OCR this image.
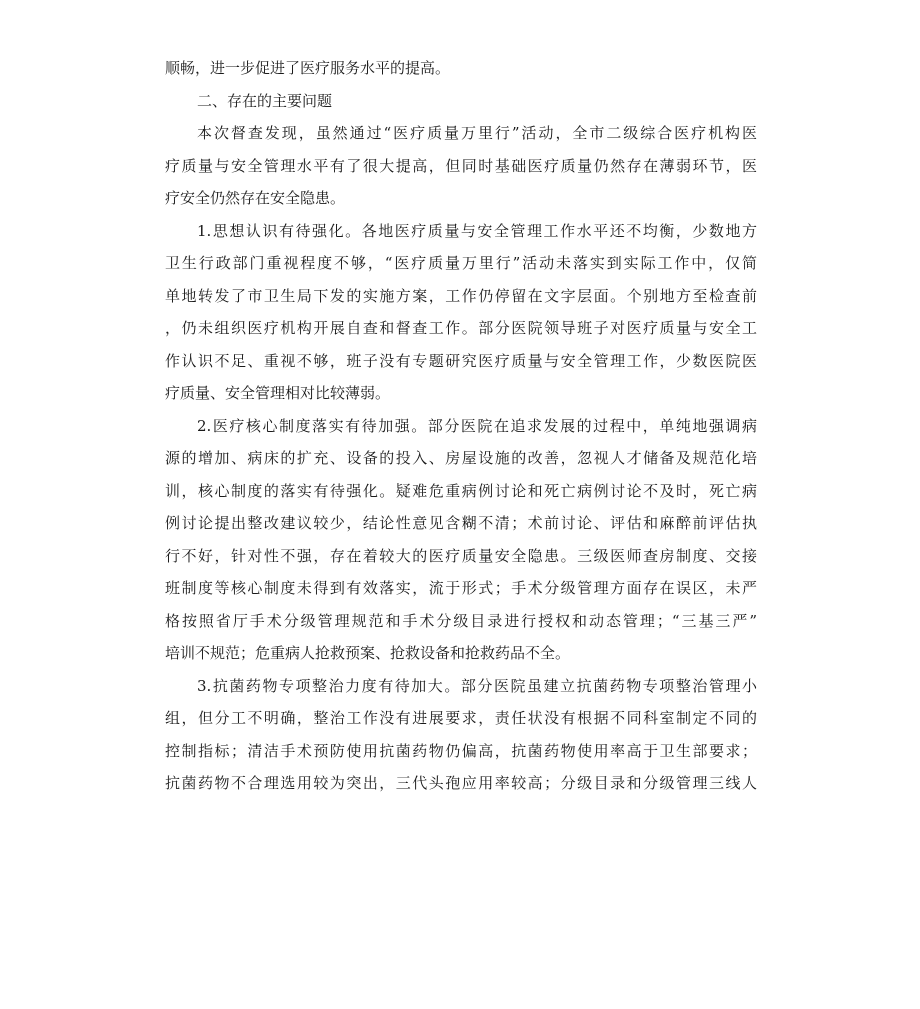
顺畅，进一步促进了医疗服务水平的提高。

二、存在的主要问题

本次督查发现，虽然通过“医疗质量万里行”活动，全市二级综合医疗机构医
疗质量与安全管理水平有了很大提高，但同时基础医疗质量仍然存在薄弱环节，医
疗安全仍然存在安全隐患。

1.思想认识有待强化。各地医疗质量与安全管理工作水平还不均衡，少数地方
卫生行政部门重视程度不够，“医疗质量万里行”活动未落实到实际工作中，仅简
单地转发了市卫生局下发的实施方案，工作仍停留在文字层面。个别地方至检查前
，仍未组织医疗机构开展自查和督查工作。部分医院领导班子对医疗质量与安全工
作认识不足、重视不够，班子没有专题研究医疗质量与安全管理工作，少数医院医
疗质量、安全管理相对比较薄弱。

2.医疗核心制度落实有待加强。部分医院在追求发展的过程中，单纯地强调病
源的增加、病床的扩充、设备的投入、房屋设施的改善，忽视人才储备及规范化培
训，核心制度的落实有待强化。疑难危重病例讨论和死亡病例讨论不及时，死亡病
例讨论提出整改建议较少，结论性意见含糊不清；术前讨论、评估和麻醉前评估执
行不好，针对性不强，存在着较大的医疗质量安全隐患。三级医师查房制度、交接
班制度等核心制度未得到有效落实，流于形式；手术分级管理方面存在误区，未严
格按照省厅手术分级管理规范和手术分级目录进行授权和动态管理；“三基三严”
培训不规范；危重病人抢救预案、抢救设备和抢救药品不全。

3.抗菌药物专项整治力度有待加大。部分医院虽建立抗菌药物专项整治管理小
组，但分工不明确，整治工作没有进展要求，责任状没有根据不同科室制定不同的
控制指标；清洁手术预防使用抗菌药物仍偏高，抗菌药物使用率高于卫生部要求；
抗菌药物不合理选用较为突出，三代头孢应用率较高；分级目录和分级管理三线人
